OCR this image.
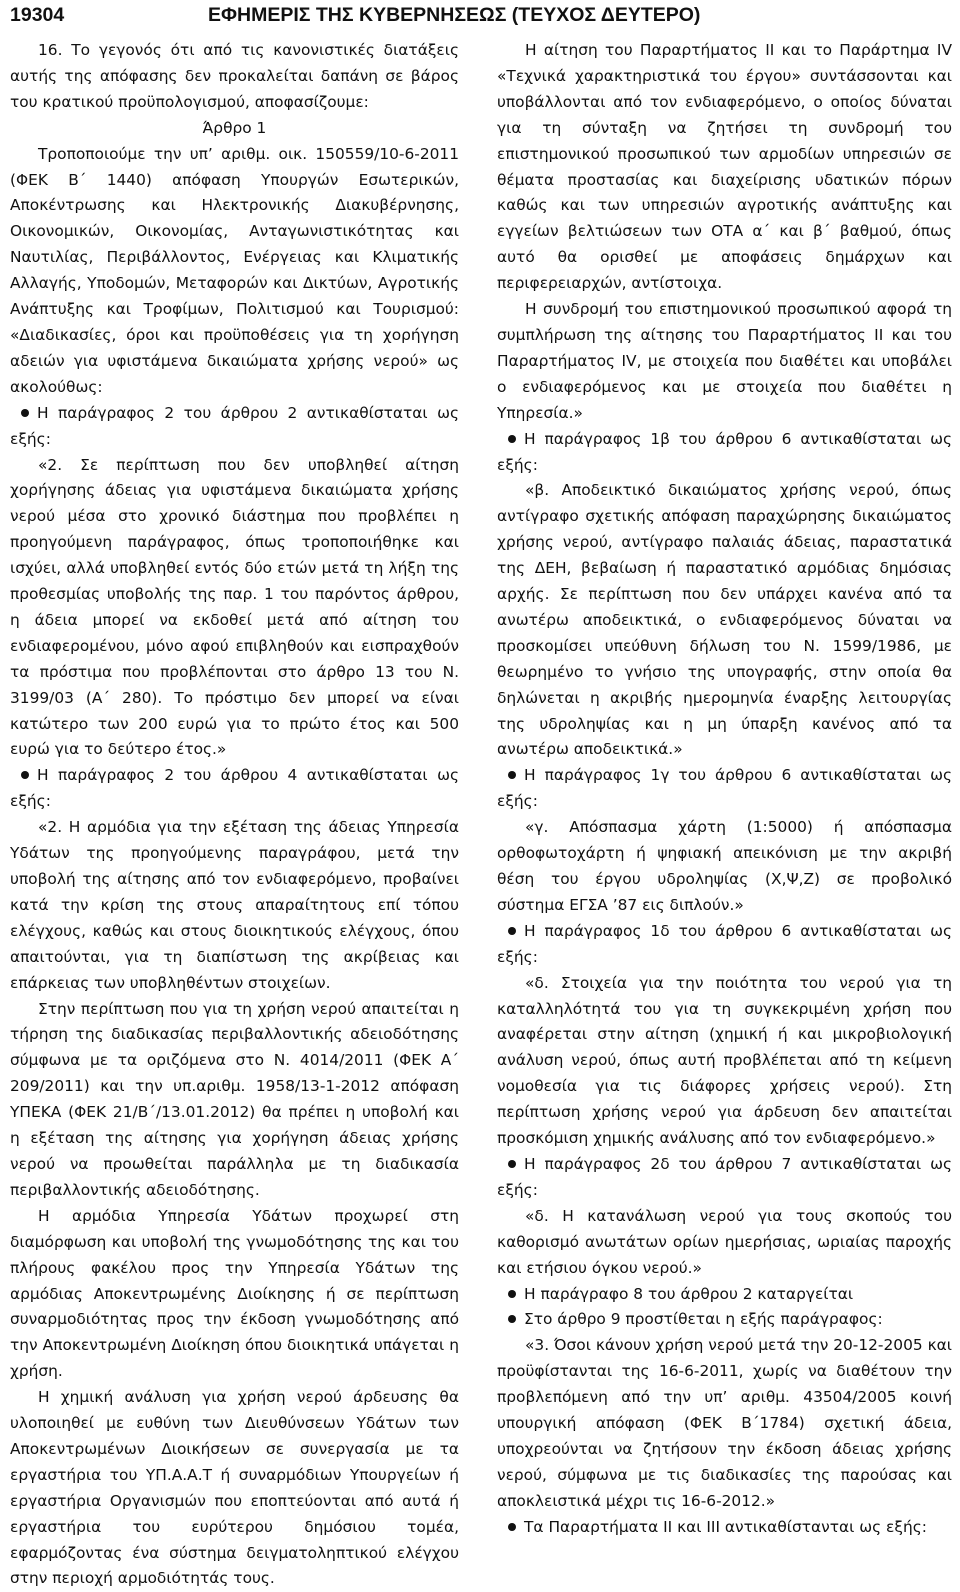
19304	ΕΦΗΜΕΡΙΣ ΤΗΣ ΚΥΒΕΡΝΗΣΕΩΣ (ΤΕΥΧΟΣ ΔΕΥΤΕΡΟ)

16. Το γεγονός ότι από τις κανονιστικές διατάξεις αυτής της απόφασης δεν προκαλείται δαπάνη σε βάρος του κρατικού προϋπολογισμού, αποφασίζουμε:

Άρθρο 1

Τροποποιούμε την υπ’ αριθμ. οικ. 150559/10-6-2011 (ΦΕΚ Β΄ 1440) απόφαση Υπουργών Εσωτερικών, Αποκέντρωσης και Ηλεκτρονικής Διακυβέρνησης, Οικονομικών, Οικονομίας, Ανταγωνιστικότητας και Ναυτιλίας, Περιβάλλοντος, Ενέργειας και Κλιματικής Αλλαγής, Υποδομών, Μεταφορών και Δικτύων, Αγροτικής Ανάπτυξης και Τροφίμων, Πολιτισμού και Τουρισμού: «Διαδικασίες, όροι και προϋποθέσεις για τη χορήγηση αδειών για υφιστάμενα δικαιώματα χρήσης νερού» ως ακολούθως:

Η παράγραφος 2 του άρθρου 2 αντικαθίσταται ως εξής:

«2. Σε περίπτωση που δεν υποβληθεί αίτηση χορήγησης άδειας για υφιστάμενα δικαιώματα χρήσης νερού μέσα στο χρονικό διάστημα που προβλέπει η προηγούμενη παράγραφος, όπως τροποποιήθηκε και ισχύει, αλλά υποβληθεί εντός δύο ετών μετά τη λήξη της προθεσμίας υποβολής της παρ. 1 του παρόντος άρθρου, η άδεια μπορεί να εκδοθεί μετά από αίτηση του ενδιαφερομένου, μόνο αφού επιβληθούν και εισπραχθούν τα πρόστιμα που προβλέπονται στο άρθρο 13 του Ν. 3199/03 (Α΄ 280). Το πρόστιμο δεν μπορεί να είναι κατώτερο των 200 ευρώ για το πρώτο έτος και 500 ευρώ για το δεύτερο έτος.»

Η παράγραφος 2 του άρθρου 4 αντικαθίσταται ως εξής:

«2. Η αρμόδια για την εξέταση της άδειας Υπηρεσία Υδάτων της προηγούμενης παραγράφου, μετά την υποβολή της αίτησης από τον ενδιαφερόμενο, προβαίνει κατά την κρίση της στους απαραίτητους επί τόπου ελέγχους, καθώς και στους διοικητικούς ελέγχους, όπου απαιτούνται, για τη διαπίστωση της ακρίβειας και επάρκειας των υποβληθέντων στοιχείων.

Στην περίπτωση που για τη χρήση νερού απαιτείται η τήρηση της διαδικασίας περιβαλλοντικής αδειοδότησης σύμφωνα με τα οριζόμενα στο Ν. 4014/2011 (ΦΕΚ Α΄ 209/2011) και την υπ.αριθμ. 1958/13-1-2012 απόφαση ΥΠΕΚΑ (ΦΕΚ 21/Β΄/13.01.2012) θα πρέπει η υποβολή και η εξέταση της αίτησης για χορήγηση άδειας χρήσης νερού να προωθείται παράλληλα με τη διαδικασία περιβαλλοντικής αδειοδότησης.

Η αρμόδια Υπηρεσία Υδάτων προχωρεί στη διαμόρφωση και υποβολή της γνωμοδότησης της και του πλήρους φακέλου προς την Υπηρεσία Υδάτων της αρμόδιας Αποκεντρωμένης Διοίκησης ή σε περίπτωση συναρμοδιότητας προς την έκδοση γνωμοδότησης από την Αποκεντρωμένη Διοίκηση όπου διοικητικά υπάγεται η χρήση.

Η χημική ανάλυση για χρήση νερού άρδευσης θα υλοποιηθεί με ευθύνη των Διευθύνσεων Υδάτων των Αποκεντρωμένων Διοικήσεων σε συνεργασία με τα εργαστήρια του ΥΠ.Α.Α.Τ ή συναρμόδιων Υπουργείων ή εργαστήρια Οργανισμών που εποπτεύονται από αυτά ή εργαστήρια του ευρύτερου δημόσιου τομέα, εφαρμόζοντας ένα σύστημα δειγματοληπτικού ελέγχου στην περιοχή αρμοδιότητάς τους.

Η αίτηση του Παραρτήματος ΙΙ και το Παράρτημα ΙV «Τεχνικά χαρακτηριστικά του έργου» συντάσσονται και υποβάλλονται από τον ενδιαφερόμενο, ο οποίος δύναται για τη σύνταξη να ζητήσει τη συνδρομή του επιστημονικού προσωπικού των αρμοδίων υπηρεσιών σε θέματα προστασίας και διαχείρισης υδατικών πόρων καθώς και των υπηρεσιών αγροτικής ανάπτυξης και εγγείων βελτιώσεων των ΟΤΑ α΄ και β΄ βαθμού, όπως αυτό θα ορισθεί με αποφάσεις δημάρχων και περιφερειαρχών, αντίστοιχα.

Η συνδρομή του επιστημονικού προσωπικού αφορά τη συμπλήρωση της αίτησης του Παραρτήματος ΙΙ και του Παραρτήματος IV, με στοιχεία που διαθέτει και υποβάλει ο ενδιαφερόμενος και με στοιχεία που διαθέτει η Υπηρεσία.»

Η παράγραφος 1β του άρθρου 6 αντικαθίσταται ως εξής:

«β. Αποδεικτικό δικαιώματος χρήσης νερού, όπως αντίγραφο σχετικής απόφαση παραχώρησης δικαιώματος χρήσης νερού, αντίγραφο παλαιάς άδειας, παραστατικά της ΔΕΗ, βεβαίωση ή παραστατικό αρμόδιας δημόσιας αρχής. Σε περίπτωση που δεν υπάρχει κανένα από τα ανωτέρω αποδεικτικά, ο ενδιαφερόμενος δύναται να προσκομίσει υπεύθυνη δήλωση του Ν. 1599/1986, με θεωρημένο το γνήσιο της υπογραφής, στην οποία θα δηλώνεται η ακριβής ημερομηνία έναρξης λειτουργίας της υδροληψίας και η μη ύπαρξη κανένος από τα ανωτέρω αποδεικτικά.»

Η παράγραφος 1γ του άρθρου 6 αντικαθίσταται ως εξής:

«γ. Απόσπασμα χάρτη (1:5000) ή απόσπασμα ορθοφωτοχάρτη ή ψηφιακή απεικόνιση με την ακριβή θέση του έργου υδροληψίας (Χ,Ψ,Ζ) σε προβολικό σύστημα ΕΓΣΑ ’87 εις διπλούν.»

Η παράγραφος 1δ του άρθρου 6 αντικαθίσταται ως εξής:

«δ. Στοιχεία για την ποιότητα του νερού για τη καταλληλότητά του για τη συγκεκριμένη χρήση που αναφέρεται στην αίτηση (χημική ή και μικροβιολογική ανάλυση νερού, όπως αυτή προβλέπεται από τη κείμενη νομοθεσία για τις διάφορες χρήσεις νερού). Στη περίπτωση χρήσης νερού για άρδευση δεν απαιτείται προσκόμιση χημικής ανάλυσης από τον ενδιαφερόμενο.»

Η παράγραφος 2δ του άρθρου 7 αντικαθίσταται ως εξής:

«δ. Η κατανάλωση νερού για τους σκοπούς του καθορισμό ανωτάτων ορίων ημερήσιας, ωριαίας παροχής και ετήσιου όγκου νερού.»

Η παράγραφο 8 του άρθρου 2 καταργείται

Στο άρθρο 9 προστίθεται η εξής παράγραφος:

«3. Όσοι κάνουν χρήση νερού μετά την 20-12-2005 και προϋφίστανται της 16-6-2011, χωρίς να διαθέτουν την προβλεπόμενη από την υπ’ αριθμ. 43504/2005 κοινή υπουργική απόφαση (ΦΕΚ Β΄1784) σχετική άδεια, υποχρεούνται να ζητήσουν την έκδοση άδειας χρήσης νερού, σύμφωνα με τις διαδικασίες της παρούσας και αποκλειστικά μέχρι τις 16-6-2012.»

Τα Παραρτήματα ΙΙ και ΙΙΙ αντικαθίστανται ως εξής:
